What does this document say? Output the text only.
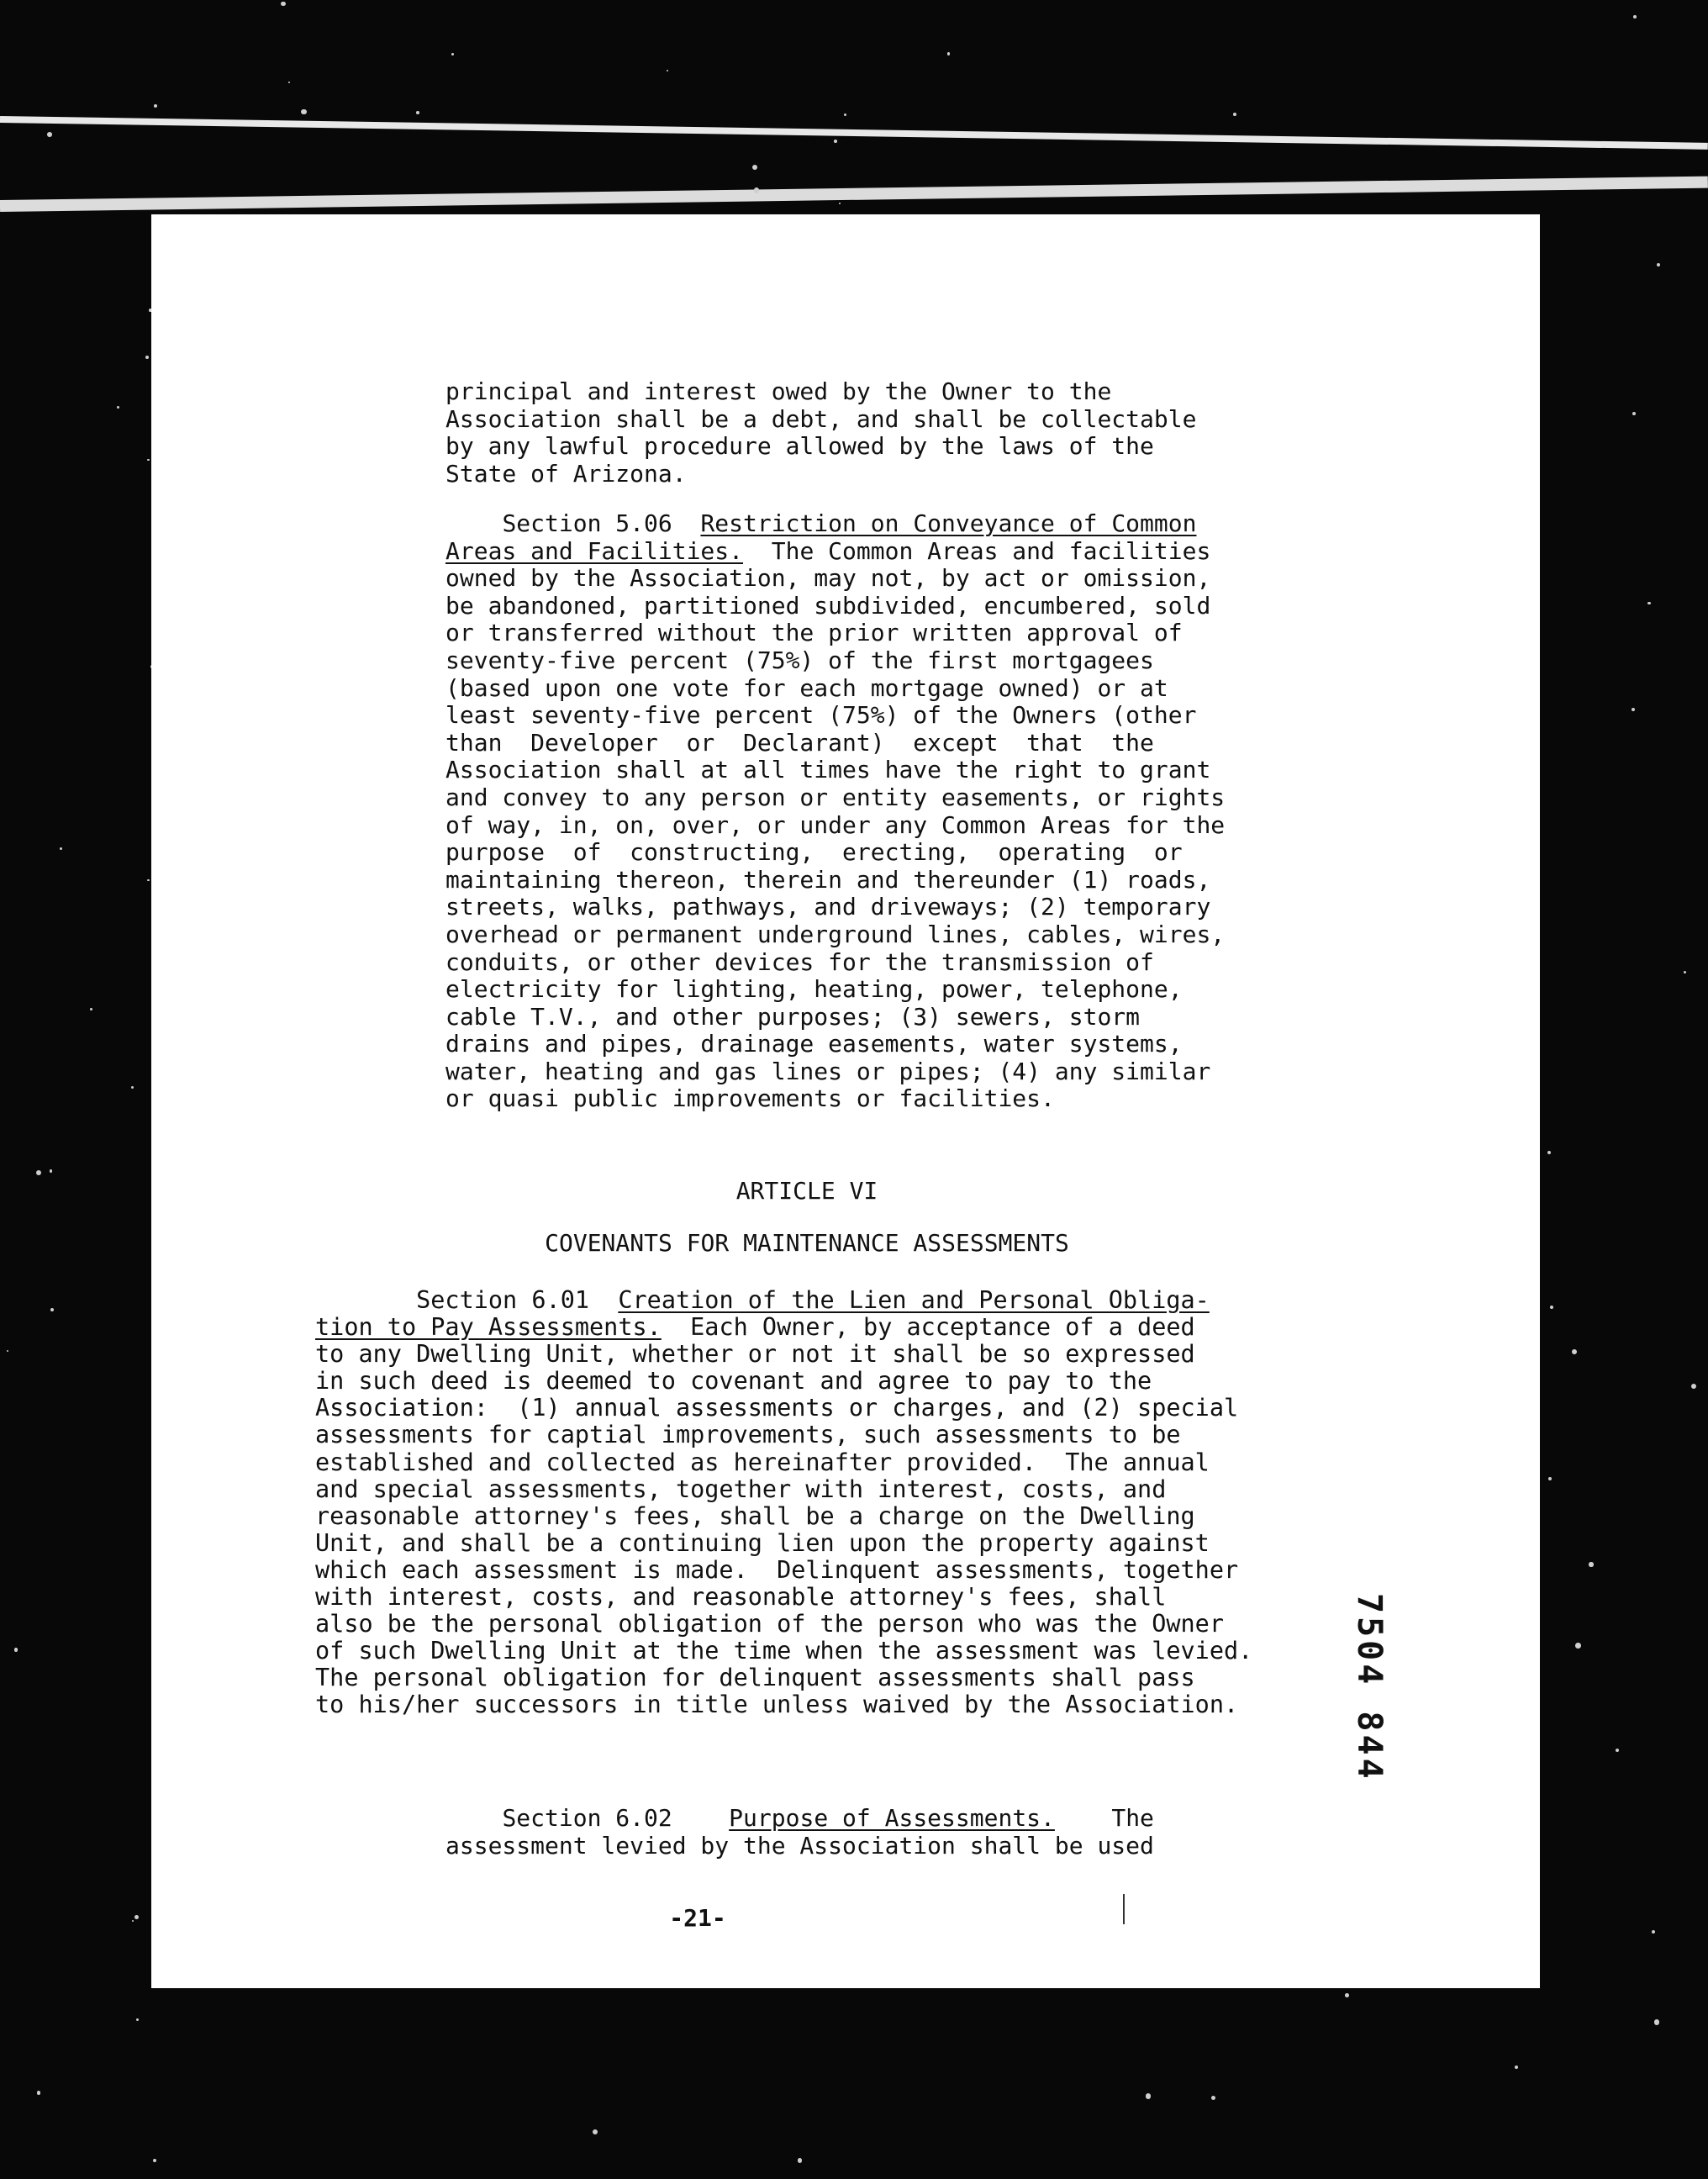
principal and interest owed by the Owner to the
Association shall be a debt, and shall be collectable
by any lawful procedure allowed by the laws of the
State of Arizona.
Section 5.06 Restriction on Conveyance of Common
Areas and Facilities.  The Common Areas and facilities
owned by the Association, may not, by act or omission,
be abandoned, partitioned subdivided, encumbered, sold
or transferred without the prior written approval of
seventy-five percent (75%) of the first mortgagees
(based upon one vote for each mortgage owned) or at
least seventy-five percent (75%) of the Owners (other
than  Developer  or  Declarant)  except  that  the
Association shall at all times have the right to grant
and convey to any person or entity easements, or rights
of way, in, on, over, or under any Common Areas for the
purpose  of  constructing,  erecting,  operating  or
maintaining thereon, therein and thereunder (1) roads,
streets, walks, pathways, and driveways; (2) temporary
overhead or permanent underground lines, cables, wires,
conduits, or other devices for the transmission of
electricity for lighting, heating, power, telephone,
cable T.V., and other purposes; (3) sewers, storm
drains and pipes, drainage easements, water systems,
water, heating and gas lines or pipes; (4) any similar
or quasi public improvements or facilities.
ARTICLE VI
COVENANTS FOR MAINTENANCE ASSESSMENTS
Section 6.01 Creation of the Lien and Personal Obliga-
tion to Pay Assessments.  Each Owner, by acceptance of a deed
to any Dwelling Unit, whether or not it shall be so expressed
in such deed is deemed to covenant and agree to pay to the
Association:  (1) annual assessments or charges, and (2) special
assessments for captial improvements, such assessments to be
established and collected as hereinafter provided.  The annual
and special assessments, together with interest, costs, and
reasonable attorney's fees, shall be a charge on the Dwelling
Unit, and shall be a continuing lien upon the property against
which each assessment is made.  Delinquent assessments, together
with interest, costs, and reasonable attorney's fees, shall
also be the personal obligation of the person who was the Owner
of such Dwelling Unit at the time when the assessment was levied.
The personal obligation for delinquent assessments shall pass
to his/her successors in title unless waived by the Association.
Section 6.02 Purpose of Assessments.    The
assessment levied by the Association shall be used
-21-
7504 844
